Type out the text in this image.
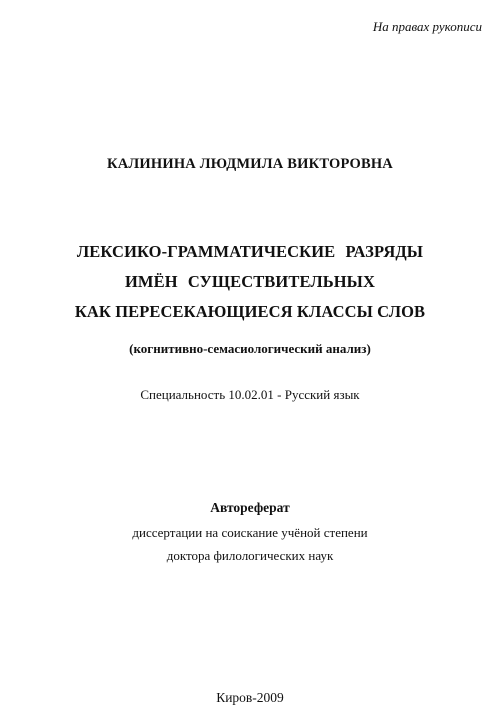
На правах рукописи
КАЛИНИНА ЛЮДМИЛА ВИКТОРОВНА
ЛЕКСИКО-ГРАММАТИЧЕСКИЕ РАЗРЯДЫ
ИМЁН СУЩЕСТВИТЕЛЬНЫХ
КАК ПЕРЕСЕКАЮЩИЕСЯ КЛАССЫ СЛОВ
(когнитивно-семасиологический анализ)
Специальность 10.02.01 - Русский язык
Автореферат
диссертации на соискание учёной степени
доктора филологических наук
Киров-2009
